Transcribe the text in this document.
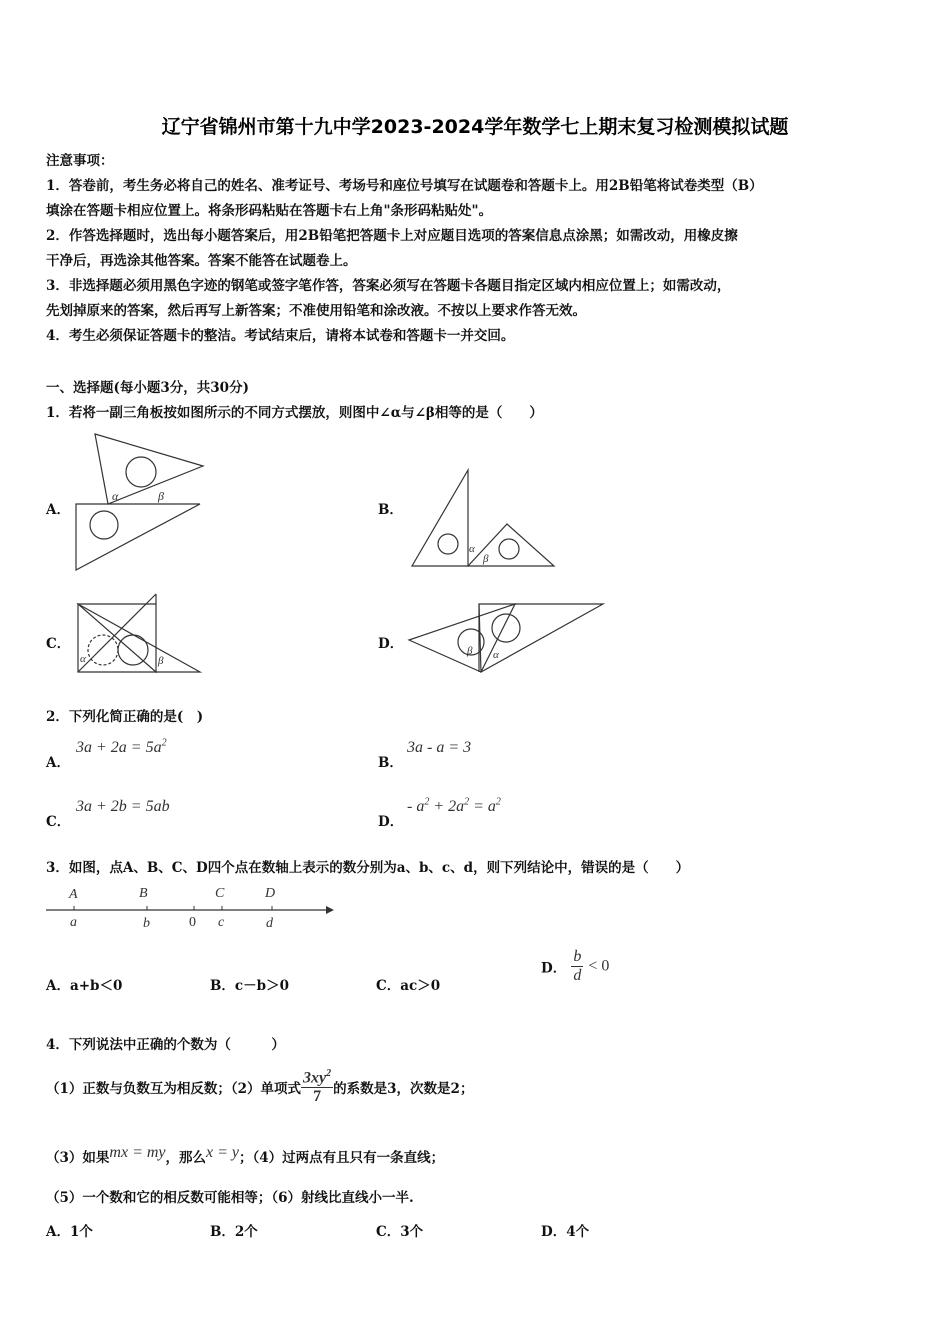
辽宁省锦州市第十九中学2023-2024学年数学七上期末复习检测模拟试题
注意事项：
1．答卷前，考生务必将自己的姓名、准考证号、考场号和座位号填写在试题卷和答题卡上。用2B铅笔将试卷类型（B）
填涂在答题卡相应位置上。将条形码粘贴在答题卡右上角"条形码粘贴处"。
2．作答选择题时，选出每小题答案后，用2B铅笔把答题卡上对应题目选项的答案信息点涂黑；如需改动，用橡皮擦
干净后，再选涂其他答案。答案不能答在试题卷上。
3．非选择题必须用黑色字迹的钢笔或签字笔作答，答案必须写在答题卡各题目指定区域内相应位置上；如需改动，
先划掉原来的答案，然后再写上新答案；不准使用铅笔和涂改液。不按以上要求作答无效。
4．考生必须保证答题卡的整洁。考试结束后，请将本试卷和答题卡一并交回。
一、选择题(每小题3分，共30分)
1．若将一副三角板按如图所示的不同方式摆放，则图中∠α与∠β相等的是（　　）
A．	B．
C．	D．
α	β
α
β
α	β
β α
2．下列化简正确的是(　)
A．
$3a + 2a = 5a^2$
B．
3a - a = 3
C．
3a + 2b = 5ab
D．
- $a^2 + 2a^2 = a^2$
3．如图，点A、B、C、D四个点在数轴上表示的数分别为a、b、c、d，则下列结论中，错误的是（　　）
A	B	C	D
a	b	0 c	d
A．a+b＜0	B．c－b＞0	C．ac＞0
D． $\frac{b}{d} < 0$
4．下列说法中正确的个数为（　　　）
（1）正数与负数互为相反数；（2）单项式 $\frac{3xy^2}{7}$ 的系数是3，次数是2；
（3）如果mx = my，那么x = y；（4）过两点有且只有一条直线；
（5）一个数和它的相反数可能相等；（6）射线比直线小一半.
A．1个	B．2个	C．3个	D．4个
